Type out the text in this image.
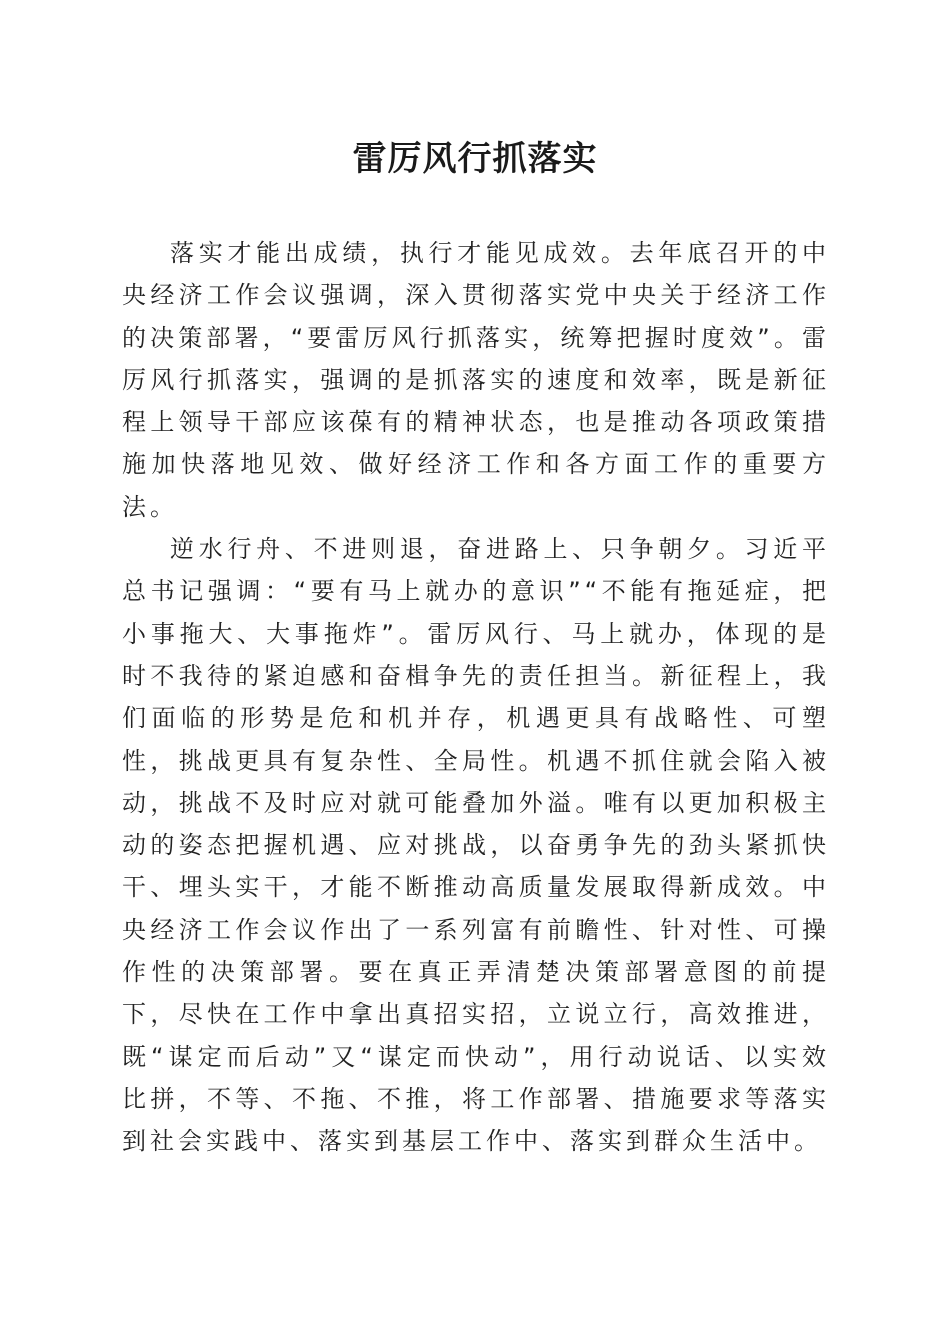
雷厉风行抓落实

落实才能出成绩，执行才能见成效。去年底召开的中央经济工作会议强调，深入贯彻落实党中央关于经济工作的决策部署，“要雷厉风行抓落实，统筹把握时度效”。雷厉风行抓落实，强调的是抓落实的速度和效率，既是新征程上领导干部应该葆有的精神状态，也是推动各项政策措施加快落地见效、做好经济工作和各方面工作的重要方法。

逆水行舟、不进则退，奋进路上、只争朝夕。习近平总书记强调：“要有马上就办的意识”“不能有拖延症，把小事拖大、大事拖炸”。雷厉风行、马上就办，体现的是时不我待的紧迫感和奋楫争先的责任担当。新征程上，我们面临的形势是危和机并存，机遇更具有战略性、可塑性，挑战更具有复杂性、全局性。机遇不抓住就会陷入被动，挑战不及时应对就可能叠加外溢。唯有以更加积极主动的姿态把握机遇、应对挑战，以奋勇争先的劲头紧抓快干、埋头实干，才能不断推动高质量发展取得新成效。中央经济工作会议作出了一系列富有前瞻性、针对性、可操作性的决策部署。要在真正弄清楚决策部署意图的前提下，尽快在工作中拿出真招实招，立说立行，高效推进，既“谋定而后动”又“谋定而快动”，用行动说话、以实效比拼，不等、不拖、不推，将工作部署、措施要求等落实到社会实践中、落实到基层工作中、落实到群众生活中。
